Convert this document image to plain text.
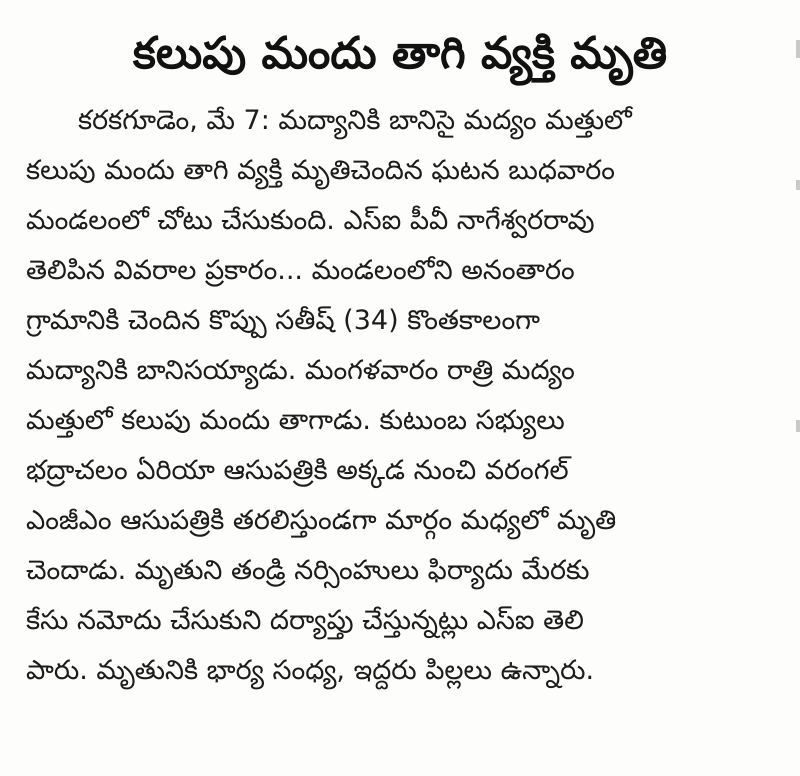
కలుపు మందు తాగి వ్యక్తి మృతి
కరకగూడెం, మే 7: మద్యానికి బానిసై మద్యం మత్తులో
కలుపు మందు తాగి వ్యక్తి మృతిచెందిన ఘటన బుధవారం
మండలంలో చోటు చేసుకుంది. ఎస్ఐ పీవీ నాగేశ్వరరావు
తెలిపిన వివరాల ప్రకారం... మండలంలోని అనంతారం
గ్రామానికి చెందిన కొప్పు సతీష్ (34) కొంతకాలంగా
మద్యానికి బానిసయ్యాడు. మంగళవారం రాత్రి మద్యం
మత్తులో కలుపు మందు తాగాడు. కుటుంబ సభ్యులు
భద్రాచలం ఏరియా ఆసుపత్రికి అక్కడ నుంచి వరంగల్
ఎంజీఎం ఆసుపత్రికి తరలిస్తుండగా మార్గం మధ్యలో మృతి
చెందాడు. మృతుని తండ్రి నర్సింహులు ఫిర్యాదు మేరకు
కేసు నమోదు చేసుకుని దర్యాప్తు చేస్తున్నట్లు ఎస్ఐ తెలి
పారు. మృతునికి భార్య సంధ్య, ఇద్దరు పిల్లలు ఉన్నారు.
